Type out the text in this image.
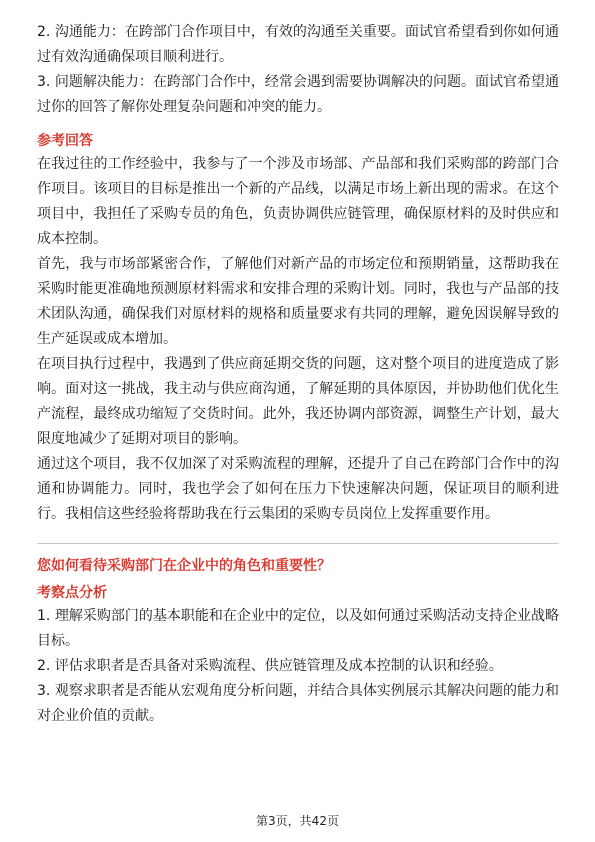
2. 沟通能力：在跨部门合作项目中，有效的沟通至关重要。面试官希望看到你如何通过有效沟通确保项目顺利进行。

3. 问题解决能力：在跨部门合作中，经常会遇到需要协调解决的问题。面试官希望通过你的回答了解你处理复杂问题和冲突的能力。

参考回答

在我过往的工作经验中，我参与了一个涉及市场部、产品部和我们采购部的跨部门合作项目。该项目的目标是推出一个新的产品线，以满足市场上新出现的需求。在这个项目中，我担任了采购专员的角色，负责协调供应链管理，确保原材料的及时供应和成本控制。

首先，我与市场部紧密合作，了解他们对新产品的市场定位和预期销量，这帮助我在采购时能更准确地预测原材料需求和安排合理的采购计划。同时，我也与产品部的技术团队沟通，确保我们对原材料的规格和质量要求有共同的理解，避免因误解导致的生产延误或成本增加。

在项目执行过程中，我遇到了供应商延期交货的问题，这对整个项目的进度造成了影响。面对这一挑战，我主动与供应商沟通，了解延期的具体原因，并协助他们优化生产流程，最终成功缩短了交货时间。此外，我还协调内部资源，调整生产计划，最大限度地减少了延期对项目的影响。

通过这个项目，我不仅加深了对采购流程的理解，还提升了自己在跨部门合作中的沟通和协调能力。同时，我也学会了如何在压力下快速解决问题，保证项目的顺利进行。我相信这些经验将帮助我在行云集团的采购专员岗位上发挥重要作用。

您如何看待采购部门在企业中的角色和重要性？

考察点分析

1. 理解采购部门的基本职能和在企业中的定位，以及如何通过采购活动支持企业战略目标。

2. 评估求职者是否具备对采购流程、供应链管理及成本控制的认识和经验。

3. 观察求职者是否能从宏观角度分析问题，并结合具体实例展示其解决问题的能力和对企业价值的贡献。

第3页，共42页
